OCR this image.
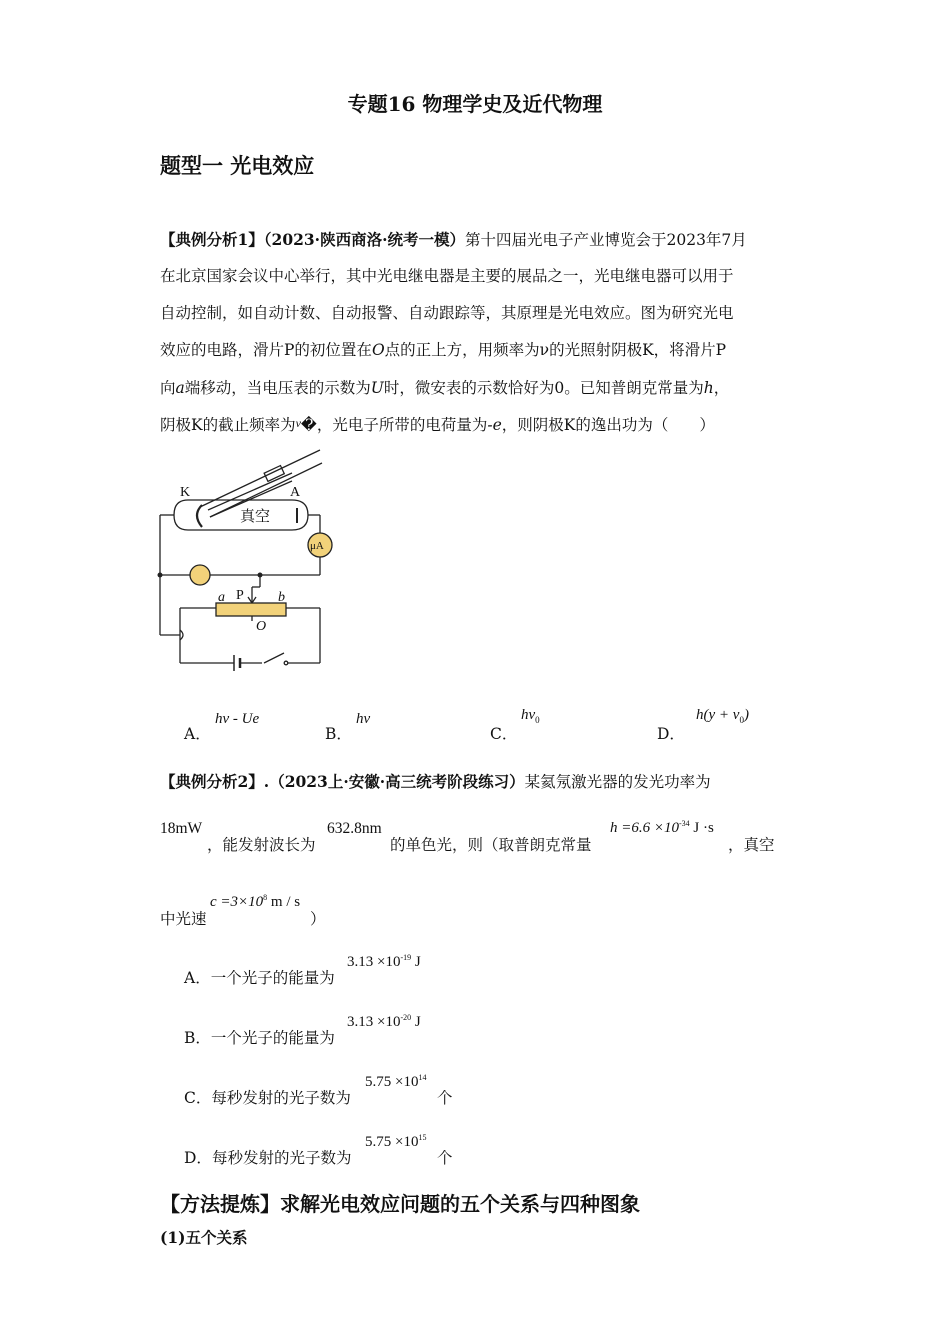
专题16 物理学史及近代物理
题型一 光电效应
【典例分析1】（2023·陕西商洛·统考一模）第十四届光电子产业博览会于2023年7月
在北京国家会议中心举行，其中光电继电器是主要的展品之一，光电继电器可以用于
自动控制，如自动计数、自动报警、自动跟踪等，其原理是光电效应。图为研究光电
效应的电路，滑片P的初位置在O点的正上方，用频率为ν的光照射阴极K，将滑片P
向a端移动，当电压表的示数为U时，微安表的示数恰好为0。已知普朗克常量为h，
阴极K的截止频率为ν�，光电子所带的电荷量为-e，则阴极K的逸出功为（　　）
K	A
真空
μA
P
a	b
O
A．
hν - Ue
B．
hν
C．
$h\nu_0$
D．
$h(y + \nu_0)$
【典例分析2】.（2023上·安徽·高三统考阶段练习）某氦氖激光器的发光功率为
18mW
，能发射波长为
632.8nm
的单色光，则（取普朗克常量
$h =6.6 \times 10^{-34}$ J ·s
，真空
中光速
$c =3\times 10^8$ m / s
）
A．一个光子的能量为
$3.13 \times 10^{-19}$ J
B．一个光子的能量为
$3.13 \times 10^{-20}$ J
C．每秒发射的光子数为
$5.75 \times 10^{14}$
个
D．每秒发射的光子数为
$5.75 \times 10^{15}$
个
【方法提炼】求解光电效应问题的五个关系与四种图象
(1)五个关系
